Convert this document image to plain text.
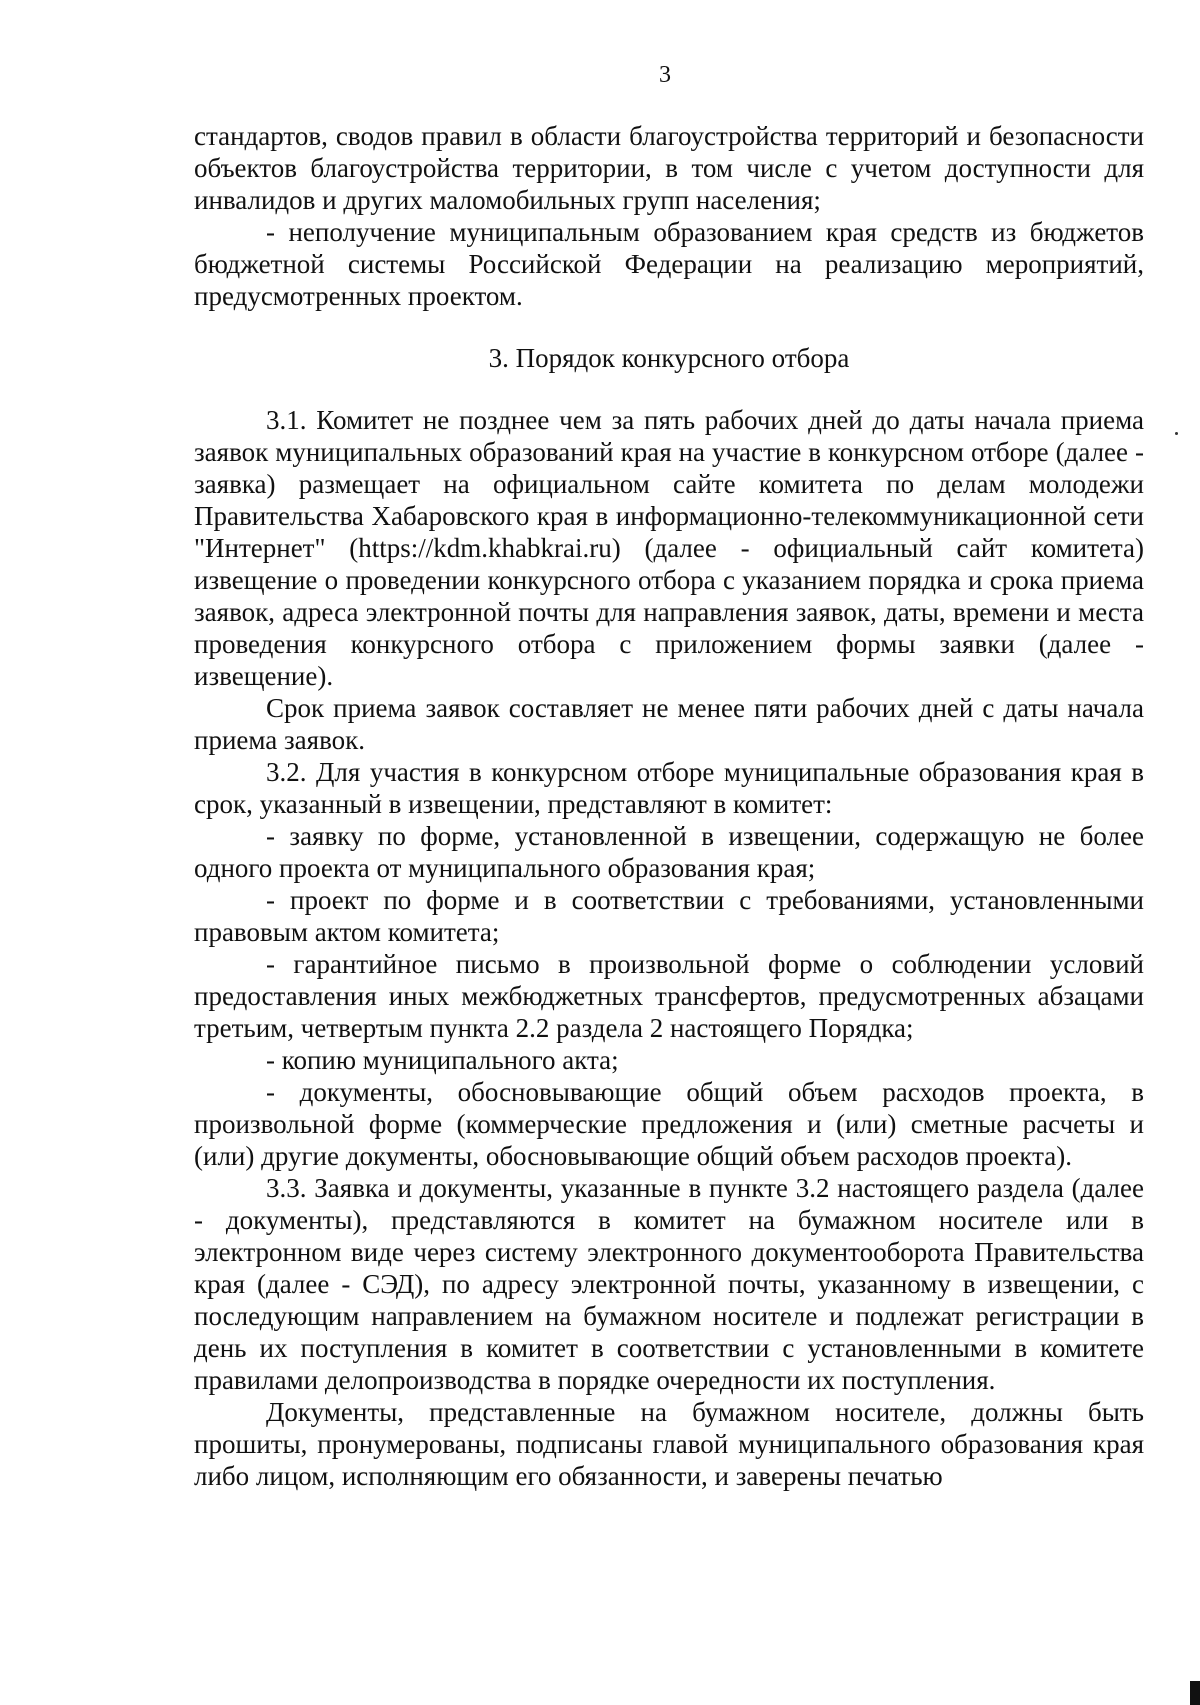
3

стандартов, сводов правил в области благоустройства территорий и безопасности объектов благоустройства территории, в том числе с учетом доступности для инвалидов и других маломобильных групп населения;

- неполучение муниципальным образованием края средств из бюджетов бюджетной системы Российской Федерации на реализацию мероприятий, предусмотренных проектом.

3. Порядок конкурсного отбора

3.1. Комитет не позднее чем за пять рабочих дней до даты начала приема заявок муниципальных образований края на участие в конкурсном отборе (далее - заявка) размещает на официальном сайте комитета по делам молодежи Правительства Хабаровского края в информационно-телекоммуникационной сети "Интернет" (https://kdm.khabkrai.ru) (далее - официальный сайт комитета) извещение о проведении конкурсного отбора с указанием порядка и срока приема заявок, адреса электронной почты для направления заявок, даты, времени и места проведения конкурсного отбора с приложением формы заявки (далее - извещение).

Срок приема заявок составляет не менее пяти рабочих дней с даты начала приема заявок.

3.2. Для участия в конкурсном отборе муниципальные образования края в срок, указанный в извещении, представляют в комитет:

- заявку по форме, установленной в извещении, содержащую не более одного проекта от муниципального образования края;

- проект по форме и в соответствии с требованиями, установленными правовым актом комитета;

- гарантийное письмо в произвольной форме о соблюдении условий предоставления иных межбюджетных трансфертов, предусмотренных абзацами третьим, четвертым пункта 2.2 раздела 2 настоящего Порядка;

- копию муниципального акта;

- документы, обосновывающие общий объем расходов проекта, в произвольной форме (коммерческие предложения и (или) сметные расчеты и (или) другие документы, обосновывающие общий объем расходов проекта).

3.3. Заявка и документы, указанные в пункте 3.2 настоящего раздела (далее - документы), представляются в комитет на бумажном носителе или в электронном виде через систему электронного документооборота Правительства края (далее - СЭД), по адресу электронной почты, указанному в извещении, с последующим направлением на бумажном носителе и подлежат регистрации в день их поступления в комитет в соответствии с установленными в комитете правилами делопроизводства в порядке очередности их поступления.

Документы, представленные на бумажном носителе, должны быть прошиты, пронумерованы, подписаны главой муниципального образования края либо лицом, исполняющим его обязанности, и заверены печатью
